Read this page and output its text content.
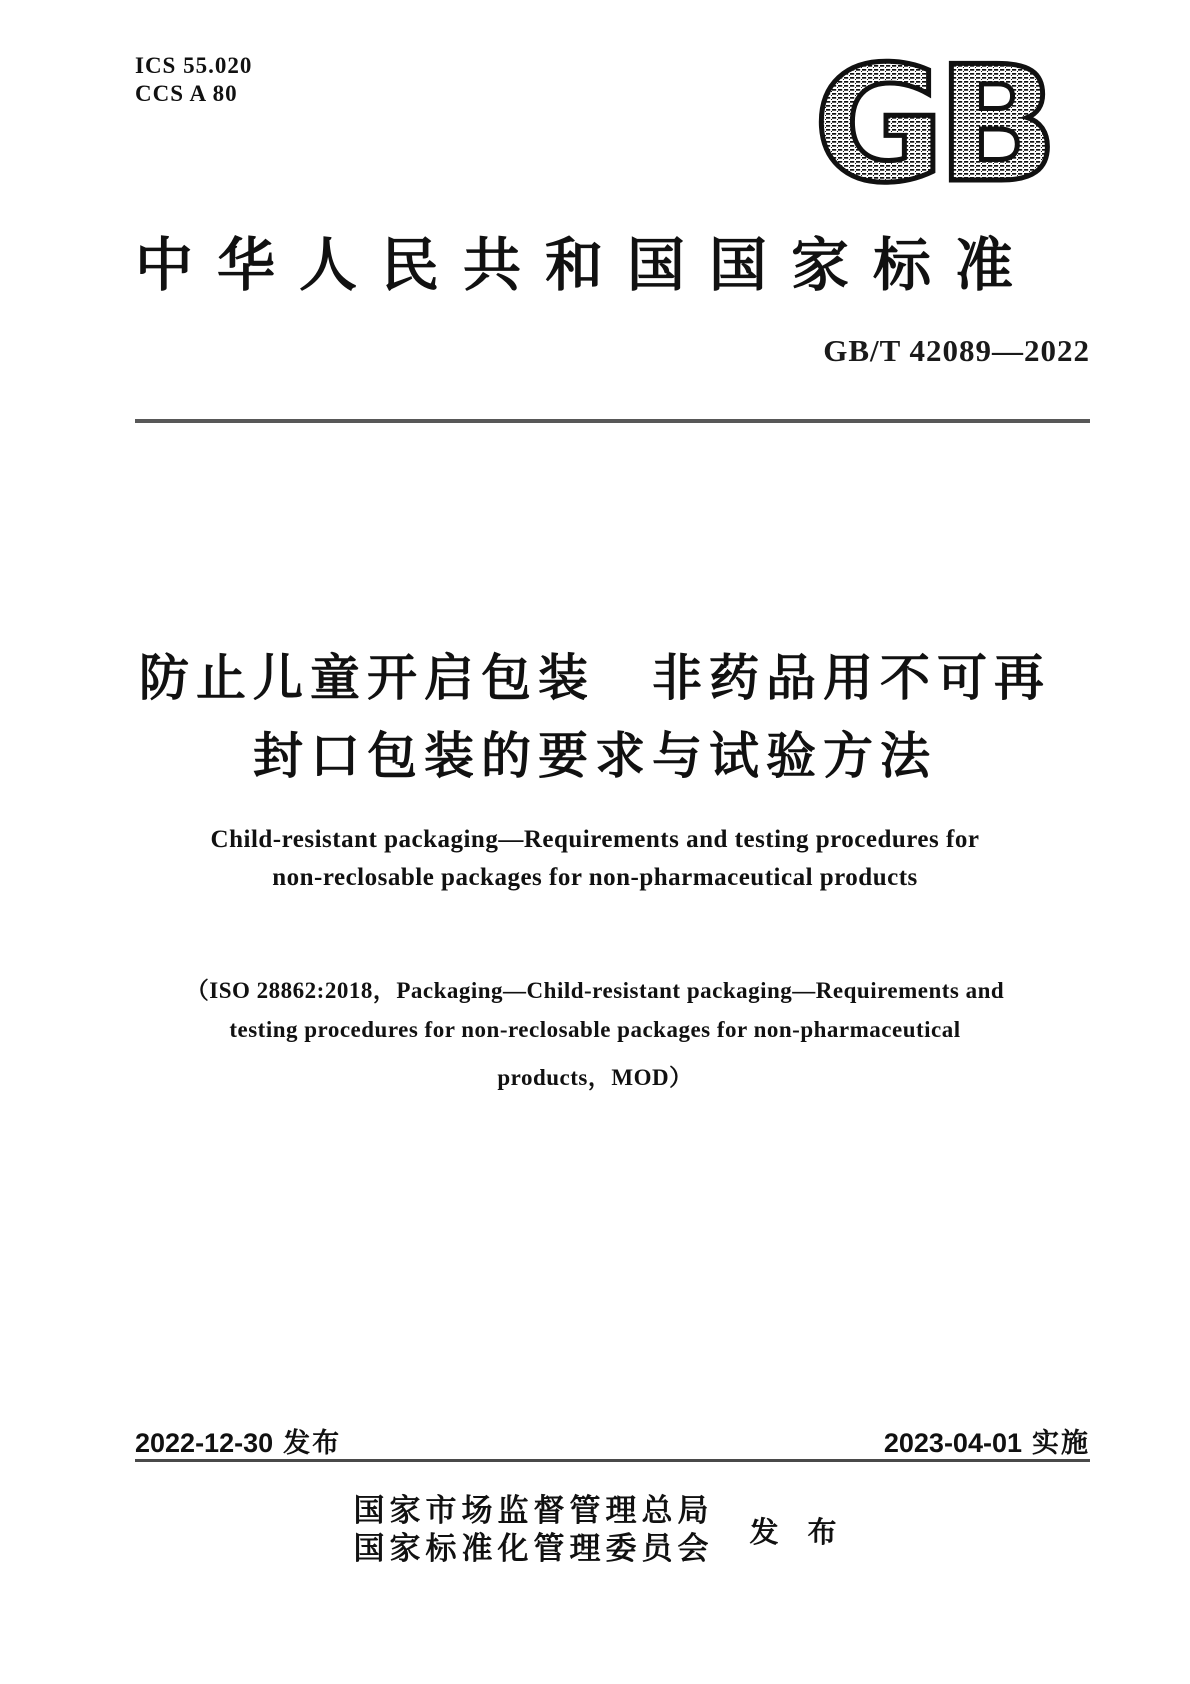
ICS 55.020
CCS A 80	GB
中华人民共和国国家标准
GB/T 42089—2022
防止儿童开启包装　非药品用不可再
封口包装的要求与试验方法
Child-resistant packaging—Requirements and testing procedures for
non-reclosable packages for non-pharmaceutical products
（ISO 28862:2018，Packaging—Child-resistant packaging—Requirements and
testing procedures for non-reclosable packages for non-pharmaceutical
products，MOD）
2022-12-30 发布	2023-04-01 实施
国家市场监督管理总局
国家标准化管理委员会 发　布
